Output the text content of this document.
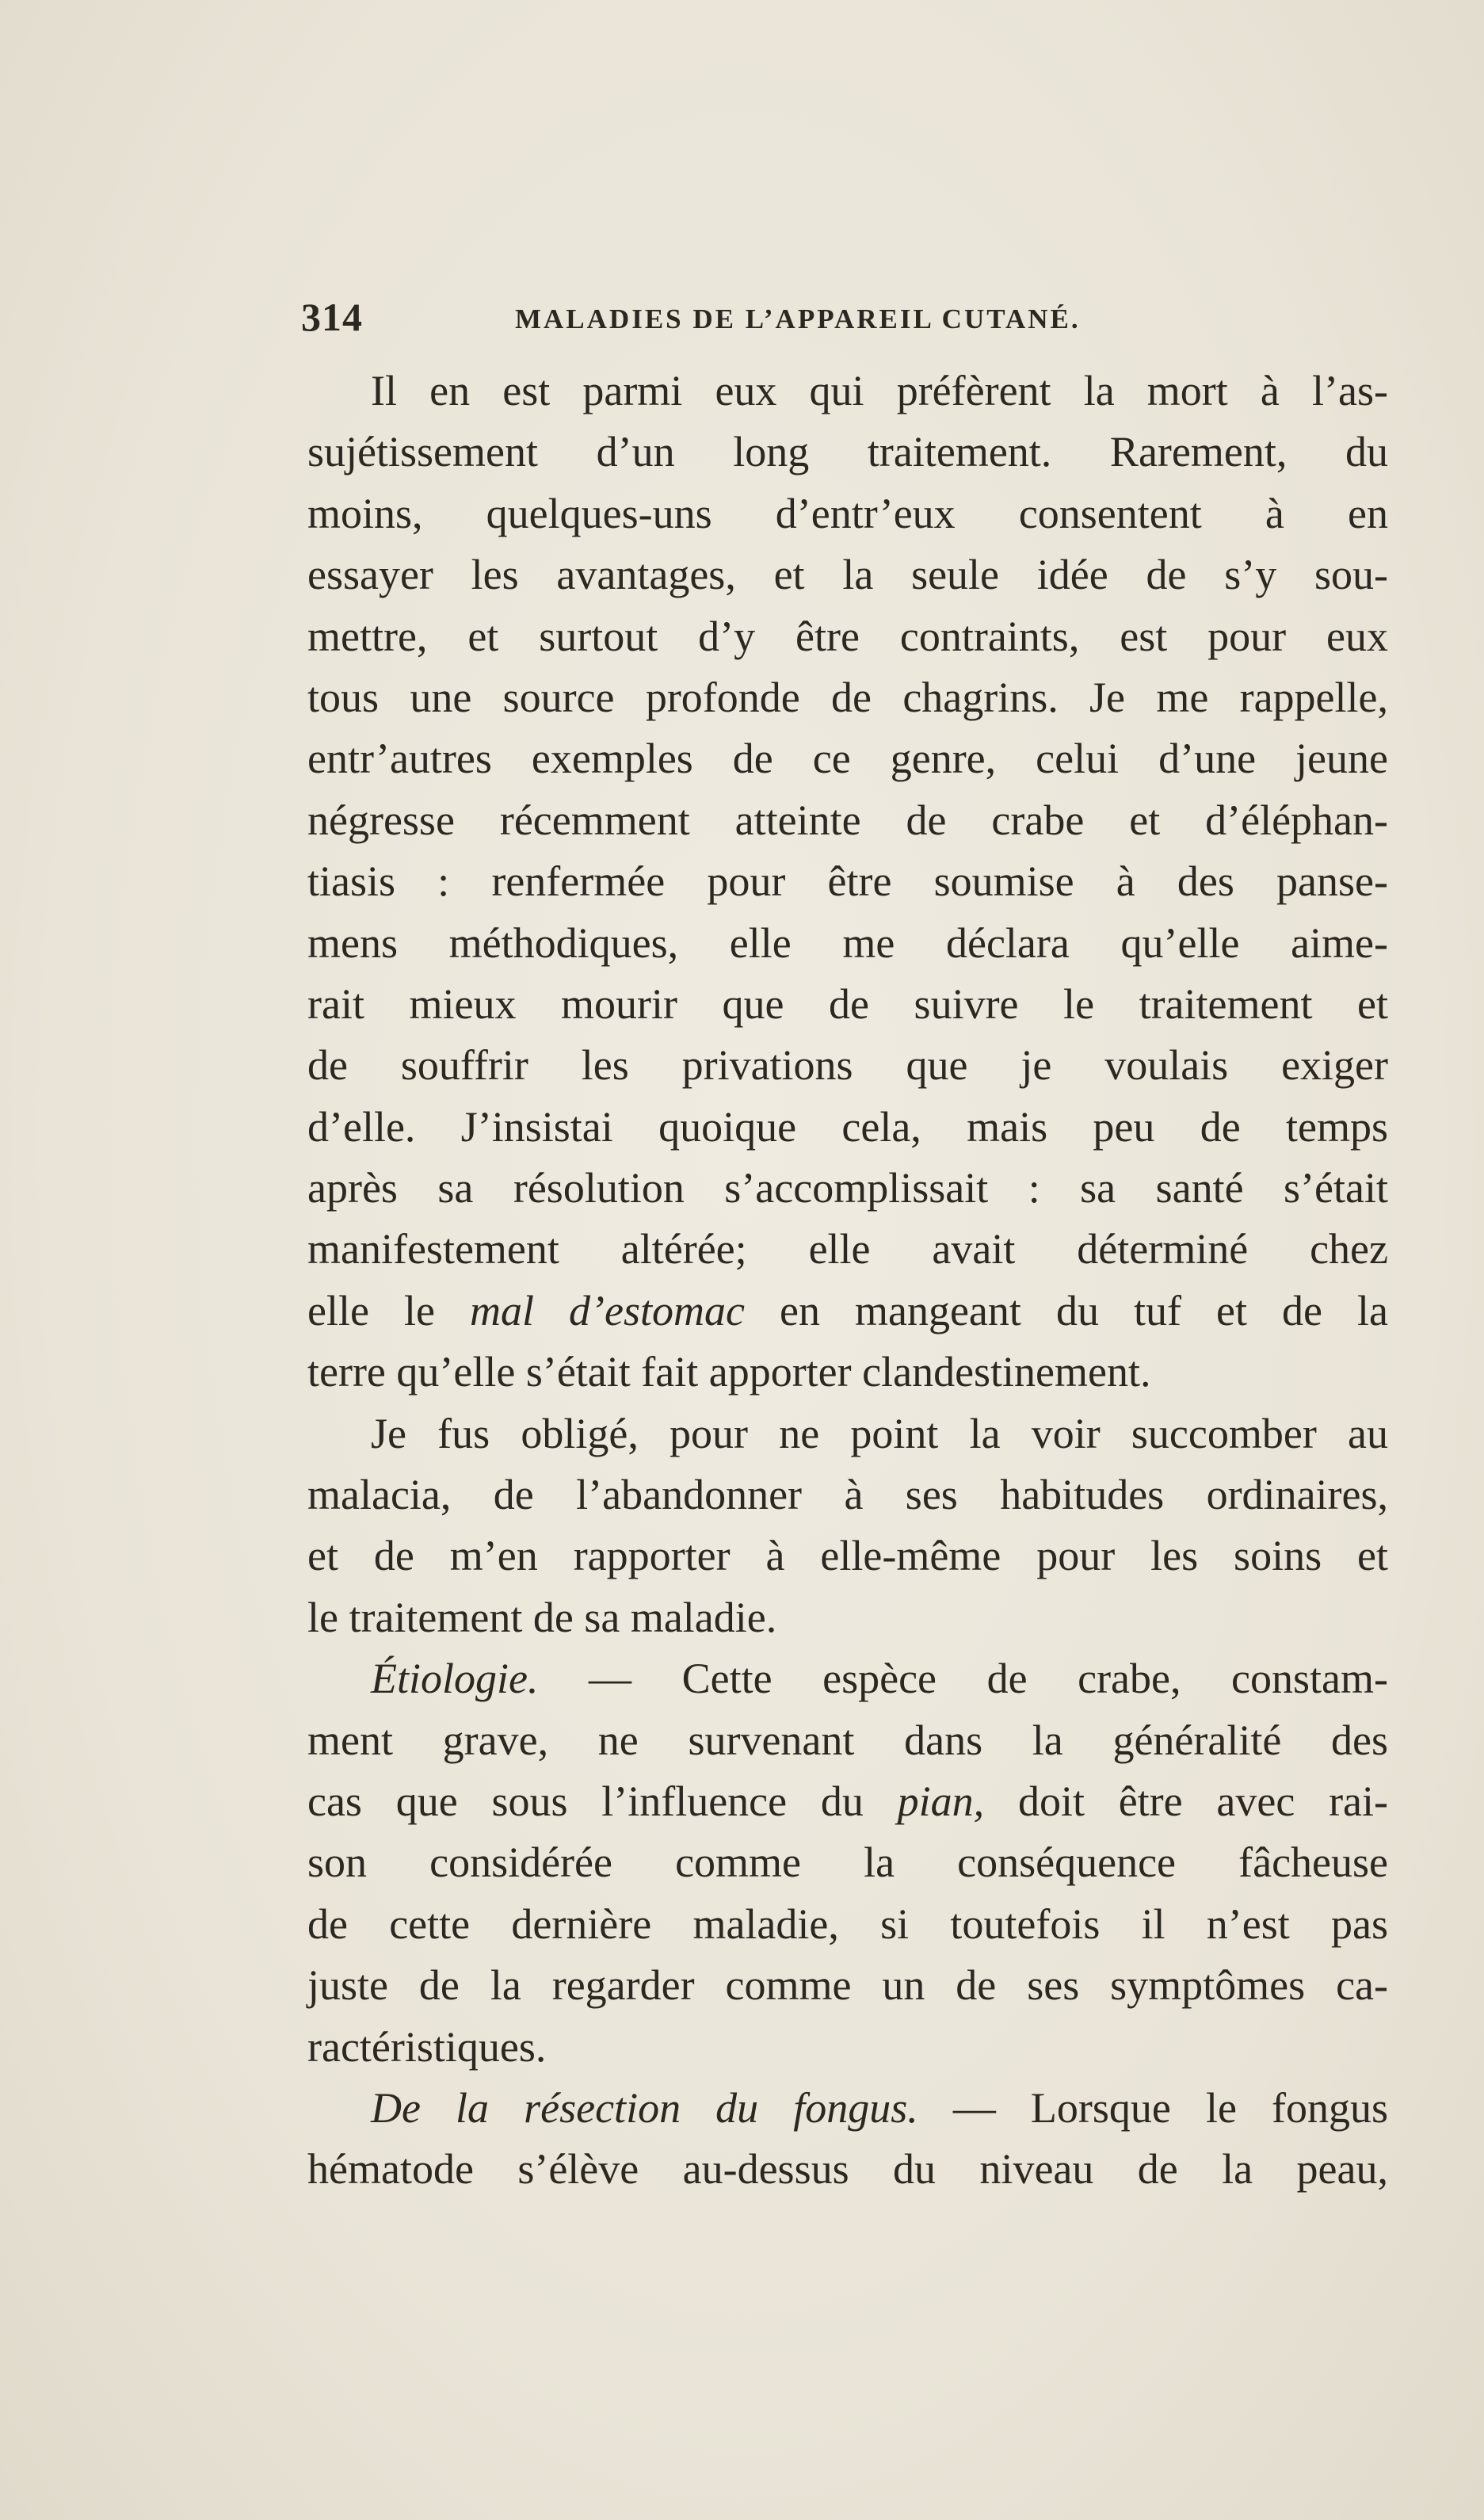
314	MALADIES DE L’APPAREIL CUTANÉ.
Il en est parmi eux qui préfèrent la mort à l’as-
sujétissement d’un long traitement. Rarement, du
moins, quelques-uns d’entr’eux consentent à en
essayer les avantages, et la seule idée de s’y sou-
mettre, et surtout d’y être contraints, est pour eux
tous une source profonde de chagrins. Je me rappelle,
entr’autres exemples de ce genre, celui d’une jeune
négresse récemment atteinte de crabe et d’éléphan-
tiasis : renfermée pour être soumise à des panse-
mens méthodiques, elle me déclara qu’elle aime-
rait mieux mourir que de suivre le traitement et
de souffrir les privations que je voulais exiger
d’elle. J’insistai quoique cela, mais peu de temps
après sa résolution s’accomplissait : sa santé s’était
manifestement altérée; elle avait déterminé chez
elle le mal d’estomac en mangeant du tuf et de la
terre qu’elle s’était fait apporter clandestinement.
Je fus obligé, pour ne point la voir succomber au
malacia, de l’abandonner à ses habitudes ordinaires,
et de m’en rapporter à elle-même pour les soins et
le traitement de sa maladie.
Étiologie. — Cette espèce de crabe, constam-
ment grave, ne survenant dans la généralité des
cas que sous l’influence du pian, doit être avec rai-
son considérée comme la conséquence fâcheuse
de cette dernière maladie, si toutefois il n’est pas
juste de la regarder comme un de ses symptômes ca-
ractéristiques.
De la résection du fongus. — Lorsque le fongus
hématode s’élève au-dessus du niveau de la peau,
